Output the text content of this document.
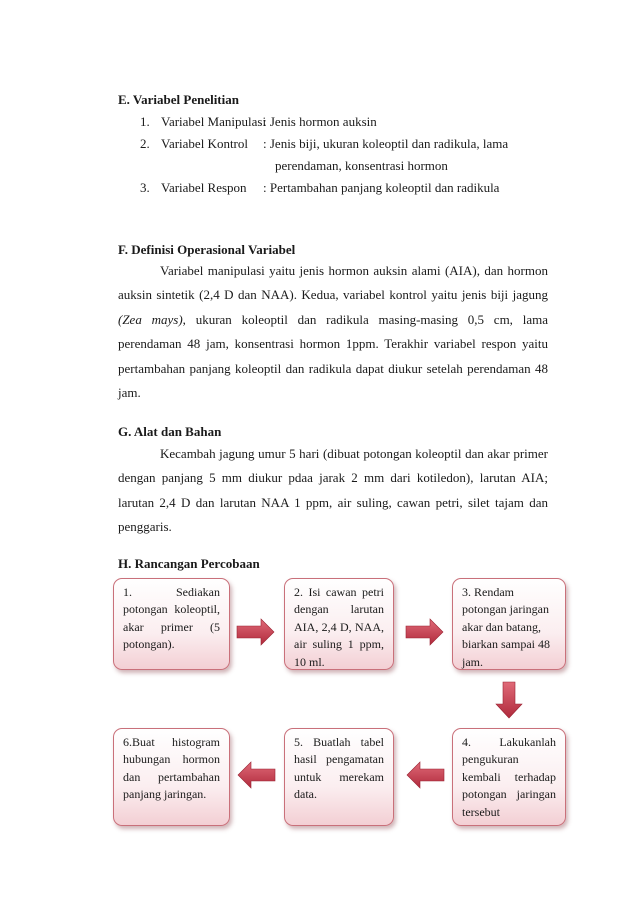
E. Variabel Penelitian
1. Variabel Manipulasi
: Jenis hormon auksin
2. Variabel Kontrol : Jenis biji, ukuran koleoptil dan radikula, lama
perendaman, konsentrasi hormon
3. Variabel Respon : Pertambahan panjang koleoptil dan radikula
F. Definisi Operasional Variabel
Variabel manipulasi yaitu jenis hormon auksin alami (AIA), dan hormon auksin sintetik (2,4 D dan NAA). Kedua, variabel kontrol yaitu jenis biji jagung (Zea mays), ukuran koleoptil dan radikula masing-masing 0,5 cm, lama perendaman 48 jam, konsentrasi hormon 1ppm. Terakhir variabel respon yaitu pertambahan panjang koleoptil dan radikula dapat diukur setelah perendaman 48 jam.
G. Alat dan Bahan
Kecambah jagung umur 5 hari (dibuat potongan koleoptil dan akar primer dengan panjang 5 mm diukur pdaa jarak 2 mm dari kotiledon), larutan AIA; larutan 2,4 D dan larutan NAA 1 ppm, air suling, cawan petri, silet tajam dan penggaris.
H. Rancangan Percobaan
1. Sediakan potongan koleoptil, akar primer (5 potongan).
2. Isi cawan petri dengan larutan AIA, 2,4 D, NAA, air suling 1 ppm, 10 ml.
3. Rendam potongan jaringan akar dan batang, biarkan sampai 48 jam.
4. Lakukanlah pengukuran kembali terhadap potongan jaringan tersebut
5. Buatlah tabel hasil pengamatan untuk merekam data.
6.Buat histogram hubungan hormon dan pertambahan panjang jaringan.
